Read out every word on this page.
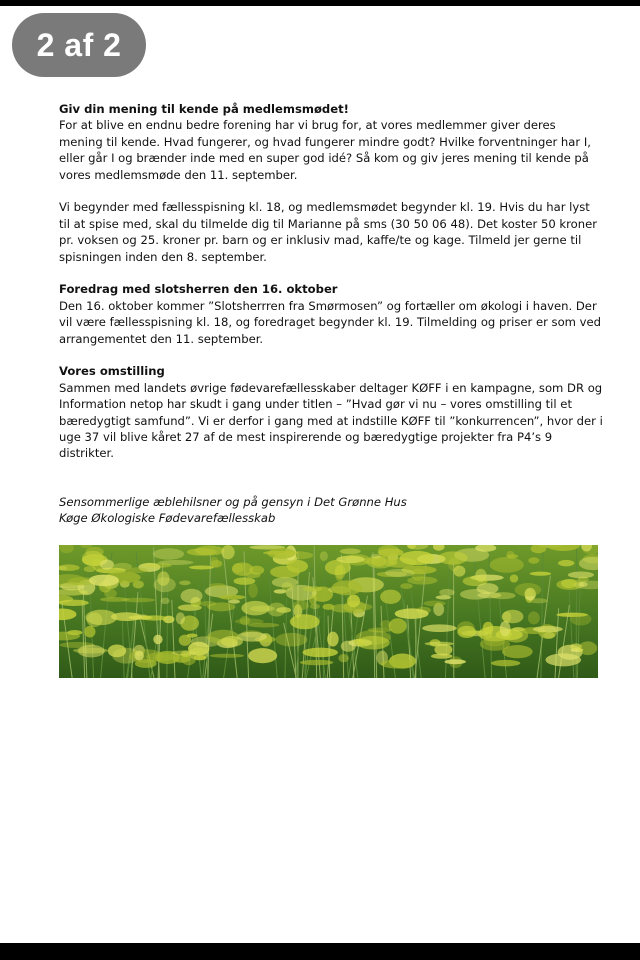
2 af 2

Giv din mening til kende på medlemsmødet!
For at blive en endnu bedre forening har vi brug for, at vores medlemmer giver deres mening til kende. Hvad fungerer, og hvad fungerer mindre godt? Hvilke forventninger har I, eller går I og brænder inde med en super god idé? Så kom og giv jeres mening til kende på vores medlemsmøde den 11. september.

Vi begynder med fællesspisning kl. 18, og medlemsmødet begynder kl. 19. Hvis du har lyst til at spise med, skal du tilmelde dig til Marianne på sms (30 50 06 48). Det koster 50 kroner pr. voksen og 25. kroner pr. barn og er inklusiv mad, kaffe/te og kage. Tilmeld jer gerne til spisningen inden den 8. september.

Foredrag med slotsherren den 16. oktober
Den 16. oktober kommer ”Slotsherrren fra Smørmosen” og fortæller om økologi i haven. Der vil være fællesspisning kl. 18, og foredraget begynder kl. 19. Tilmelding og priser er som ved arrangementet den 11. september.

Vores omstilling
Sammen med landets øvrige fødevarefællesskaber deltager KØFF i en kampagne, som DR og Information netop har skudt i gang under titlen – ”Hvad gør vi nu – vores omstilling til et bæredygtigt samfund”. Vi er derfor i gang med at indstille KØFF til ”konkurrencen”, hvor der i uge 37 vil blive kåret 27 af de mest inspirerende og bæredygtige projekter fra P4’s 9 distrikter.

Sensommerlige æblehilsner og på gensyn i Det Grønne Hus
Køge Økologiske Fødevarefællesskab
